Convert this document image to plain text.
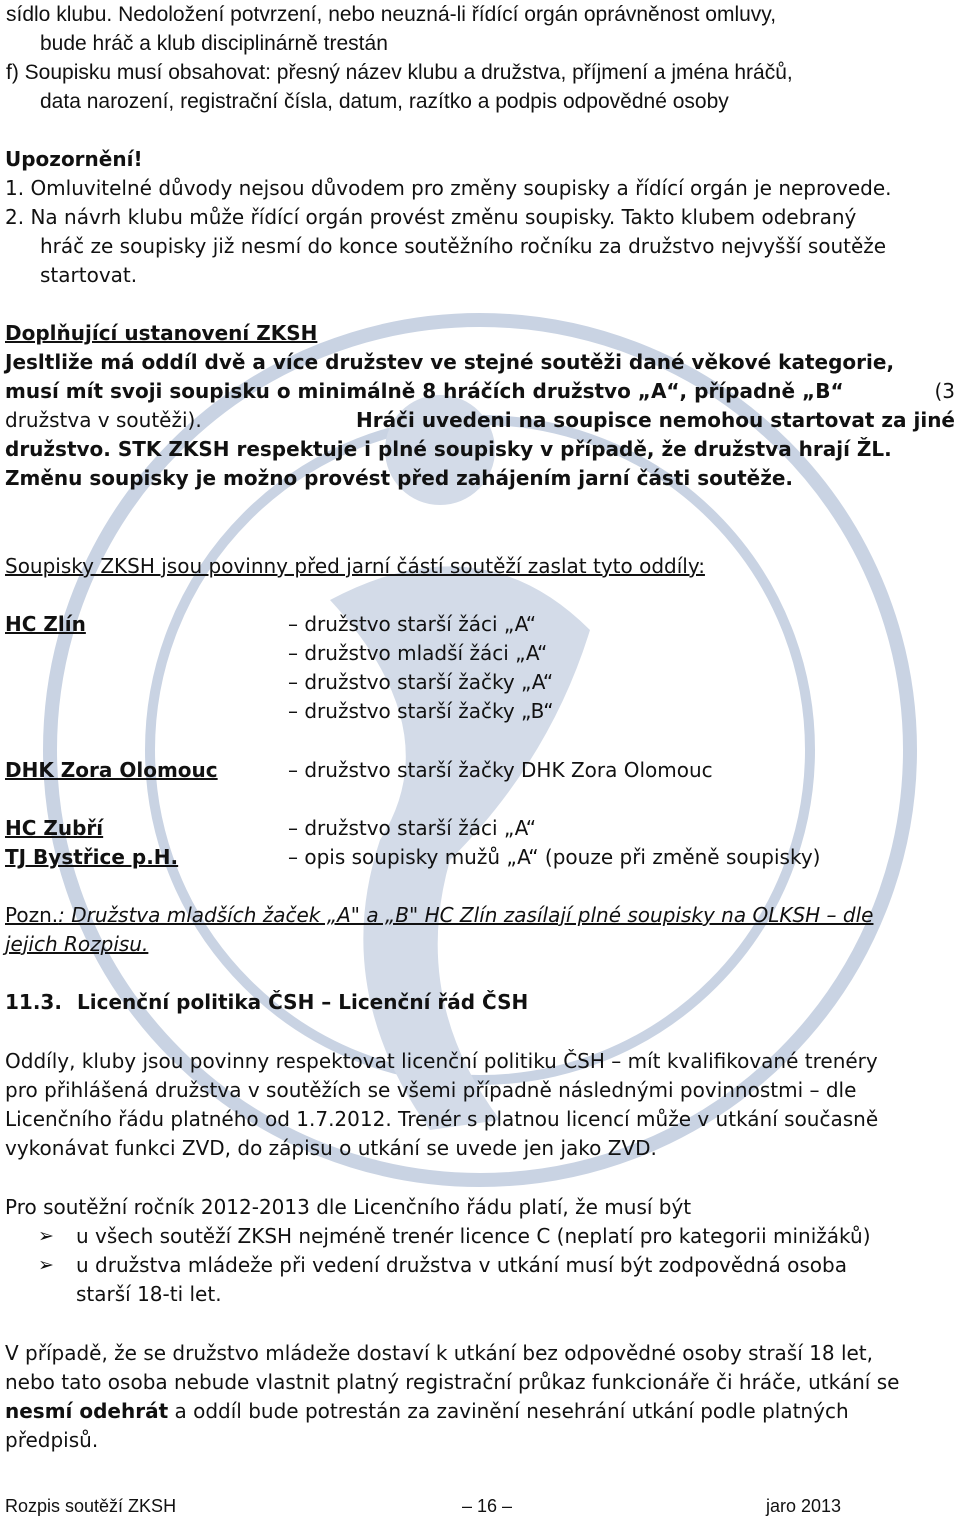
sídlo klubu. Nedoložení potvrzení, nebo neuzná-li řídící orgán oprávněnost omluvy,
bude hráč a klub disciplinárně trestán
f) Soupisku musí obsahovat: přesný název klubu a družstva, příjmení a jména hráčů,
data narození, registrační čísla, datum, razítko a podpis odpovědné osoby
Upozornění!
1. Omluvitelné důvody nejsou důvodem pro změny soupisky a řídící orgán je neprovede.
2. Na návrh klubu může řídící orgán provést změnu soupisky. Takto klubem odebraný
hráč ze soupisky již nesmí do konce soutěžního ročníku za družstvo nejvyšší soutěže
startovat.
Doplňující ustanovení ZKSH
Jesltliže má oddíl dvě a více družstev ve stejné soutěži dané věkové kategorie,
musí mít svoji soupisku o minimálně 8 hráčích družstvo „A“, případně „B“	(3
družstva v soutěži).	Hráči uvedeni na soupisce nemohou startovat za jiné
družstvo. STK ZKSH respektuje i plné soupisky v případě, že družstva hrají ŽL.
Změnu soupisky je možno provést před zahájením jarní části soutěže.
Soupisky ZKSH jsou povinny před jarní částí soutěží zaslat tyto oddíly:
HC Zlín	– družstvo starší žáci „A“
– družstvo mladší žáci „A“
– družstvo starší žačky „A“
– družstvo starší žačky „B“
DHK Zora Olomouc	– družstvo starší žačky DHK Zora Olomouc
HC Zubří	– družstvo starší žáci „A“
TJ Bystřice p.H.	– opis soupisky mužů „A“ (pouze při změně soupisky)
Pozn.: Družstva mladších žaček „A" a „B" HC Zlín zasílají plné soupisky na OLKSH – dle
jejich Rozpisu.
11.3. Licenční politika ČSH – Licenční řád ČSH
Oddíly, kluby jsou povinny respektovat licenční politiku ČSH – mít kvalifikované trenéry
pro přihlášená družstva v soutěžích se všemi případně následnými povinnostmi – dle
Licenčního řádu platného od 1.7.2012. Trenér s platnou licencí může v utkání současně
vykonávat funkci ZVD, do zápisu o utkání se uvede jen jako ZVD.
Pro soutěžní ročník 2012-2013 dle Licenčního řádu platí, že musí být
➢ u všech soutěží ZKSH nejméně trenér licence C (neplatí pro kategorii minižáků)
➢ u družstva mládeže při vedení družstva v utkání musí být zodpovědná osoba
starší 18-ti let.
V případě, že se družstvo mládeže dostaví k utkání bez odpovědné osoby straší 18 let,
nebo tato osoba nebude vlastnit platný registrační průkaz funkcionáře či hráče, utkání se
nesmí odehrát a oddíl bude potrestán za zavinění nesehrání utkání podle platných
předpisů.
Rozpis soutěží ZKSH	– 16 –	jaro 2013
